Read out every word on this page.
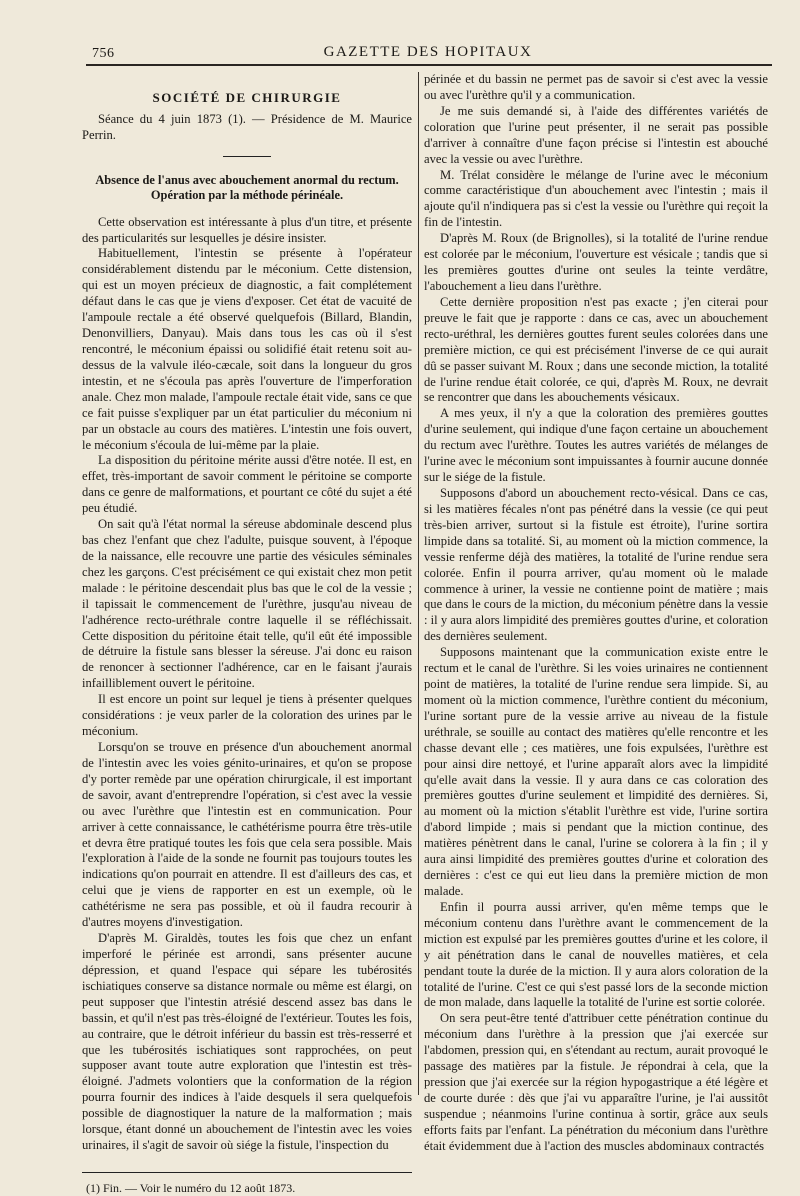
756	GAZETTE DES HOPITAUX
SOCIÉTÉ DE CHIRURGIE

Séance du 4 juin 1873 (1). — Présidence de M. Maurice Perrin.

Absence de l'anus avec abouchement anormal du rectum. Opération par la méthode périnéale.

Cette observation est intéressante à plus d'un titre, et présente des particularités sur lesquelles je désire insister.

Habituellement, l'intestin se présente à l'opérateur considérablement distendu par le méconium. Cette distension, qui est un moyen précieux de diagnostic, a fait complétement défaut dans le cas que je viens d'exposer. Cet état de vacuité de l'ampoule rectale a été observé quelquefois (Billard, Blandin, Denonvilliers, Danyau). Mais dans tous les cas où il s'est rencontré, le méconium épaissi ou solidifié était retenu soit au-dessus de la valvule iléo-cæcale, soit dans la longueur du gros intestin, et ne s'écoula pas après l'ouverture de l'imperforation anale. Chez mon malade, l'ampoule rectale était vide, sans ce que ce fait puisse s'expliquer par un état particulier du méconium ni par un obstacle au cours des matières. L'intestin une fois ouvert, le méconium s'écoula de lui-même par la plaie.

La disposition du péritoine mérite aussi d'être notée. Il est, en effet, très-important de savoir comment le péritoine se comporte dans ce genre de malformations, et pourtant ce côté du sujet a été peu étudié.

On sait qu'à l'état normal la séreuse abdominale descend plus bas chez l'enfant que chez l'adulte, puisque souvent, à l'époque de la naissance, elle recouvre une partie des vésicules séminales chez les garçons. C'est précisément ce qui existait chez mon petit malade : le péritoine descendait plus bas que le col de la vessie ; il tapissait le commencement de l'urèthre, jusqu'au niveau de l'adhérence recto-uréthrale contre laquelle il se réfléchissait. Cette disposition du péritoine était telle, qu'il eût été impossible de détruire la fistule sans blesser la séreuse. J'ai donc eu raison de renoncer à sectionner l'adhérence, car en le faisant j'aurais infailliblement ouvert le péritoine.

Il est encore un point sur lequel je tiens à présenter quelques considérations : je veux parler de la coloration des urines par le méconium.

Lorsqu'on se trouve en présence d'un abouchement anormal de l'intestin avec les voies génito-urinaires, et qu'on se propose d'y porter remède par une opération chirurgicale, il est important de savoir, avant d'entreprendre l'opération, si c'est avec la vessie ou avec l'urèthre que l'intestin est en communication. Pour arriver à cette connaissance, le cathétérisme pourra être très-utile et devra être pratiqué toutes les fois que cela sera possible. Mais l'exploration à l'aide de la sonde ne fournit pas toujours toutes les indications qu'on pourrait en attendre. Il est d'ailleurs des cas, et celui que je viens de rapporter en est un exemple, où le cathétérisme ne sera pas possible, et où il faudra recourir à d'autres moyens d'investigation.

D'après M. Giraldès, toutes les fois que chez un enfant imperforé le périnée est arrondi, sans présenter aucune dépression, et quand l'espace qui sépare les tubérosités ischiatiques conserve sa distance normale ou même est élargi, on peut supposer que l'intestin atrésié descend assez bas dans le bassin, et qu'il n'est pas très-éloigné de l'extérieur. Toutes les fois, au contraire, que le détroit inférieur du bassin est très-resserré et que les tubérosités ischiatiques sont rapprochées, on peut supposer avant toute autre exploration que l'intestin est très-éloigné. J'admets volontiers que la conformation de la région pourra fournir des indices à l'aide desquels il sera quelquefois possible de diagnostiquer la nature de la malformation ; mais lorsque, étant donné un abouchement de l'intestin avec les voies urinaires, il s'agit de savoir où siége la fistule, l'inspection du

(1) Fin. — Voir le numéro du 12 août 1873.

périnée et du bassin ne permet pas de savoir si c'est avec la vessie ou avec l'urèthre qu'il y a communication.

Je me suis demandé si, à l'aide des différentes variétés de coloration que l'urine peut présenter, il ne serait pas possible d'arriver à connaître d'une façon précise si l'intestin est abouché avec la vessie ou avec l'urèthre.

M. Trélat considère le mélange de l'urine avec le méconium comme caractéristique d'un abouchement avec l'intestin ; mais il ajoute qu'il n'indiquera pas si c'est la vessie ou l'urèthre qui reçoit la fin de l'intestin.

D'après M. Roux (de Brignolles), si la totalité de l'urine rendue est colorée par le méconium, l'ouverture est vésicale ; tandis que si les premières gouttes d'urine ont seules la teinte verdâtre, l'abouchement a lieu dans l'urèthre.

Cette dernière proposition n'est pas exacte ; j'en citerai pour preuve le fait que je rapporte : dans ce cas, avec un abouchement recto-uréthral, les dernières gouttes furent seules colorées dans une première miction, ce qui est précisément l'inverse de ce qui aurait dû se passer suivant M. Roux ; dans une seconde miction, la totalité de l'urine rendue était colorée, ce qui, d'après M. Roux, ne devrait se rencontrer que dans les abouchements vésicaux.

A mes yeux, il n'y a que la coloration des premières gouttes d'urine seulement, qui indique d'une façon certaine un abouchement du rectum avec l'urèthre. Toutes les autres variétés de mélanges de l'urine avec le méconium sont impuissantes à fournir aucune donnée sur le siége de la fistule.

Supposons d'abord un abouchement recto-vésical. Dans ce cas, si les matières fécales n'ont pas pénétré dans la vessie (ce qui peut très-bien arriver, surtout si la fistule est étroite), l'urine sortira limpide dans sa totalité. Si, au moment où la miction commence, la vessie renferme déjà des matières, la totalité de l'urine rendue sera colorée. Enfin il pourra arriver, qu'au moment où le malade commence à uriner, la vessie ne contienne point de matière ; mais que dans le cours de la miction, du méconium pénètre dans la vessie : il y aura alors limpidité des premières gouttes d'urine, et coloration des dernières seulement.

Supposons maintenant que la communication existe entre le rectum et le canal de l'urèthre. Si les voies urinaires ne contiennent point de matières, la totalité de l'urine rendue sera limpide. Si, au moment où la miction commence, l'urèthre contient du méconium, l'urine sortant pure de la vessie arrive au niveau de la fistule uréthrale, se souille au contact des matières qu'elle rencontre et les chasse devant elle ; ces matières, une fois expulsées, l'urèthre est pour ainsi dire nettoyé, et l'urine apparaît alors avec la limpidité qu'elle avait dans la vessie. Il y aura dans ce cas coloration des premières gouttes d'urine seulement et limpidité des dernières. Si, au moment où la miction s'établit l'urèthre est vide, l'urine sortira d'abord limpide ; mais si pendant que la miction continue, des matières pénètrent dans le canal, l'urine se colorera à la fin ; il y aura ainsi limpidité des premières gouttes d'urine et coloration des dernières : c'est ce qui eut lieu dans la première miction de mon malade.

Enfin il pourra aussi arriver, qu'en même temps que le méconium contenu dans l'urèthre avant le commencement de la miction est expulsé par les premières gouttes d'urine et les colore, il y ait pénétration dans le canal de nouvelles matières, et cela pendant toute la durée de la miction. Il y aura alors coloration de la totalité de l'urine. C'est ce qui s'est passé lors de la seconde miction de mon malade, dans laquelle la totalité de l'urine est sortie colorée.

On sera peut-être tenté d'attribuer cette pénétration continue du méconium dans l'urèthre à la pression que j'ai exercée sur l'abdomen, pression qui, en s'étendant au rectum, aurait provoqué le passage des matières par la fistule. Je répondrai à cela, que la pression que j'ai exercée sur la région hypogastrique a été légère et de courte durée : dès que j'ai vu apparaître l'urine, je l'ai aussitôt suspendue ; néanmoins l'urine continua à sortir, grâce aux seuls efforts faits par l'enfant. La pénétration du méconium dans l'urèthre était évidemment due à l'action des muscles abdominaux contractés
